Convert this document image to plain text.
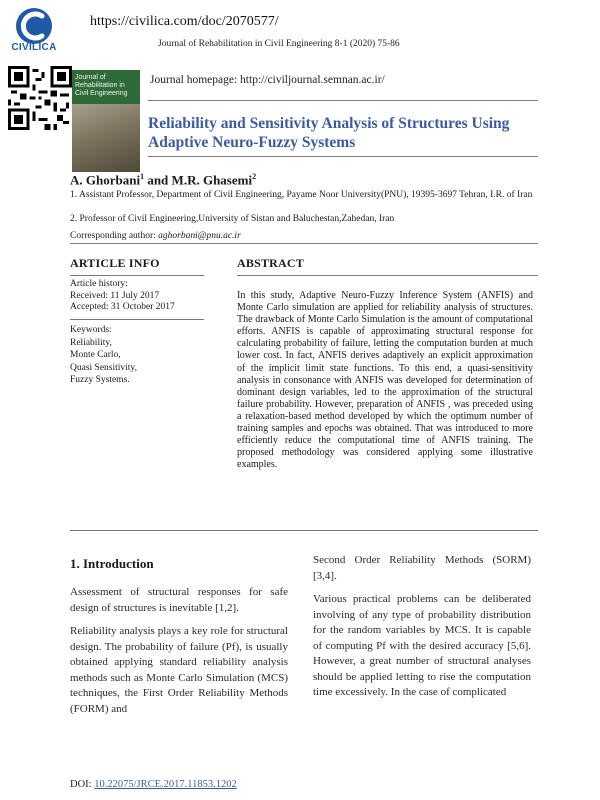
CIVILICA
https://civilica.com/doc/2070577/
Journal of Rehabilitation in Civil Engineering 8-1 (2020) 75-86
Journal of Rehabilitation in Civil Engineering
Journal homepage: http://civiljournal.semnan.ac.ir/
Reliability and Sensitivity Analysis of Structures Using Adaptive Neuro-Fuzzy Systems
A. Ghorbani$^1$ and M.R. Ghasemi$^2$
1. Assistant Professor, Department of Civil Engineering, Payame Noor University(PNU), 19395-3697 Tehran, I.R. of Iran
2. Professor of Civil Engineering,University of Sistan and Baluchestan,Zahedan, Iran
Corresponding author: aghorbani@pnu.ac.ir
ARTICLE INFO
Article history:
Received: 11 July 2017
Accepted: 31 October 2017
Keywords:
Reliability,
Monte Carlo,
Quasi Sensitivity,
Fuzzy Systems.
ABSTRACT
In this study, Adaptive Neuro-Fuzzy Inference System (ANFIS) and Monte Carlo simulation are applied for reliability analysis of structures. The drawback of Monte Carlo Simulation is the amount of computational efforts. ANFIS is capable of approximating structural response for calculating probability of failure, letting the computation burden at much lower cost. In fact, ANFIS derives adaptively an explicit approximation of the implicit limit state functions. To this end, a quasi-sensitivity analysis in consonance with ANFIS was developed for determination of dominant design variables, led to the approximation of the structural failure probability. However, preparation of ANFIS , was preceded using a relaxation-based method developed by which the optimum number of training samples and epochs was obtained. That was introduced to more efficiently reduce the computational time of ANFIS training. The proposed methodology was considered applying some illustrative examples.
1. Introduction

Assessment of structural responses for safe design of structures is inevitable [1,2].

Reliability analysis plays a key role for structural design. The probability of failure (Pf), is usually obtained applying standard reliability analysis methods such as Monte Carlo Simulation (MCS) techniques, the First Order Reliability Methods (FORM) and

Second Order Reliability Methods (SORM) [3,4].

Various practical problems can be deliberated involving of any type of probability distribution for the random variables by MCS. It is capable of computing Pf with the desired accuracy [5,6]. However, a great number of structural analyses should be applied letting to rise the computation time excessively. In the case of complicated

DOI: 10.22075/JRCE.2017.11853.1202
